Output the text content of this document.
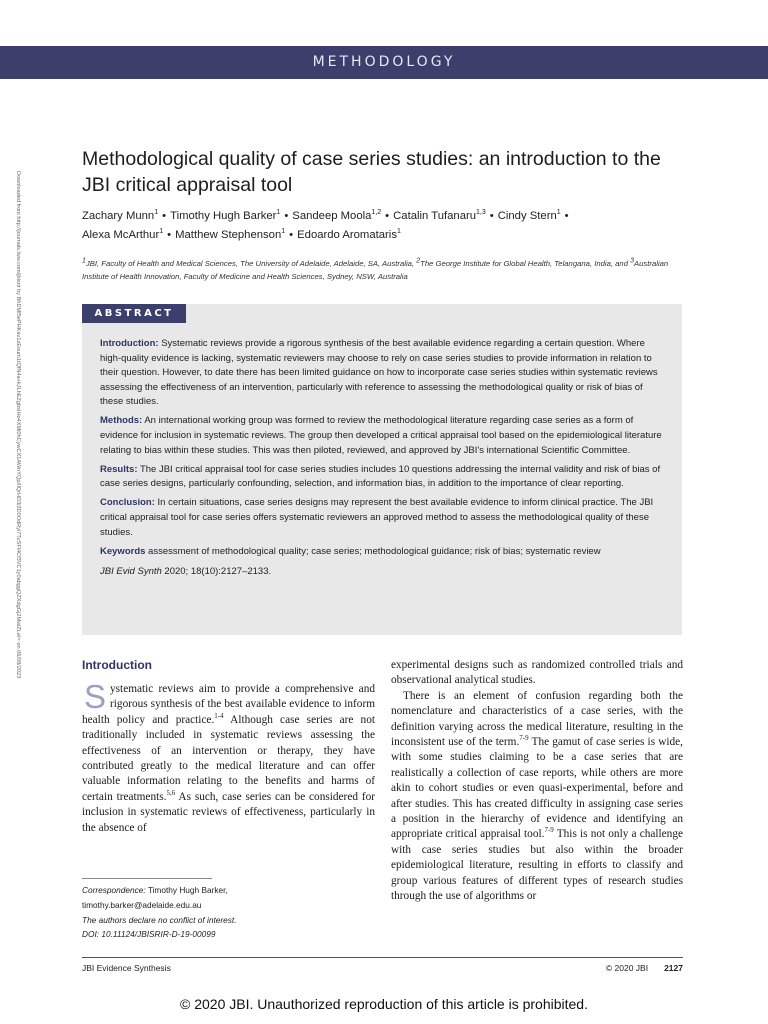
METHODOLOGY
Downloaded from http://journals.lww.com/jbisrir by BhDMf5ePHKav1zEoum1tQfN4a+kJLhEZgbsIHo4XMi0hCywCX1AWnYQp/IlQrHD3i3D0OdRyi7TvSFl4Cf3VC1y0abggQZXdgGj2MwlZLeI= on 06/08/2023
Methodological quality of case series studies: an introduction to the JBI critical appraisal tool
Zachary Munn$^1$ • Timothy Hugh Barker$^1$ • Sandeep Moola$^{1,2}$ • Catalin Tufanaru$^{1,3}$ • Cindy Stern$^1$ •
Alexa McArthur$^1$ • Matthew Stephenson$^1$ • Edoardo Aromataris$^1$
$^1$JBI, Faculty of Health and Medical Sciences, The University of Adelaide, Adelaide, SA, Australia, $^2$The George Institute for Global Health, Telangana, India, and $^3$Australian Institute of Health Innovation, Faculty of Medicine and Health Sciences, Sydney, NSW, Australia
ABSTRACT

Introduction: Systematic reviews provide a rigorous synthesis of the best available evidence regarding a certain question. Where high-quality evidence is lacking, systematic reviewers may choose to rely on case series studies to provide information in relation to their question. However, to date there has been limited guidance on how to incorporate case series studies within systematic reviews assessing the effectiveness of an intervention, particularly with reference to assessing the methodological quality or risk of bias of these studies.

Methods: An international working group was formed to review the methodological literature regarding case series as a form of evidence for inclusion in systematic reviews. The group then developed a critical appraisal tool based on the epidemiological literature relating to bias within these studies. This was then piloted, reviewed, and approved by JBI's international Scientific Committee.

Results: The JBI critical appraisal tool for case series studies includes 10 questions addressing the internal validity and risk of bias of case series designs, particularly confounding, selection, and information bias, in addition to the importance of clear reporting.

Conclusion: In certain situations, case series designs may represent the best available evidence to inform clinical practice. The JBI critical appraisal tool for case series offers systematic reviewers an approved method to assess the methodological quality of these studies.

Keywords assessment of methodological quality; case series; methodological guidance; risk of bias; systematic review

JBI Evid Synth 2020; 18(10):2127–2133.

Introduction

Systematic reviews aim to provide a comprehensive and rigorous synthesis of the best available evidence to inform health policy and practice.$^{1-4}$ Although case series are not traditionally included in systematic reviews assessing the effectiveness of an intervention or therapy, they have contributed greatly to the medical literature and can offer valuable information relating to the benefits and harms of certain treatments.$^{5,6}$ As such, case series can be considered for inclusion in systematic reviews of effectiveness, particularly in the absence of

experimental designs such as randomized controlled trials and observational analytical studies.

There is an element of confusion regarding both the nomenclature and characteristics of a case series, with the definition varying across the medical literature, resulting in the inconsistent use of the term.$^{7-9}$ The gamut of case series is wide, with some studies claiming to be a case series that are realistically a collection of case reports, while others are more akin to cohort studies or even quasi-experimental, before and after studies. This has created difficulty in assigning case series a position in the hierarchy of evidence and identifying an appropriate critical appraisal tool.$^{7-9}$ This is not only a challenge with case series studies but also within the broader epidemiological literature, resulting in efforts to classify and group various features of different types of research studies through the use of algorithms or

Correspondence: Timothy Hugh Barker,
timothy.barker@adelaide.edu.au
The authors declare no conflict of interest.
DOI: 10.11124/JBISRIR-D-19-00099
JBI Evidence Synthesis	© 2020 JBI 2127
© 2020 JBI. Unauthorized reproduction of this article is prohibited.
